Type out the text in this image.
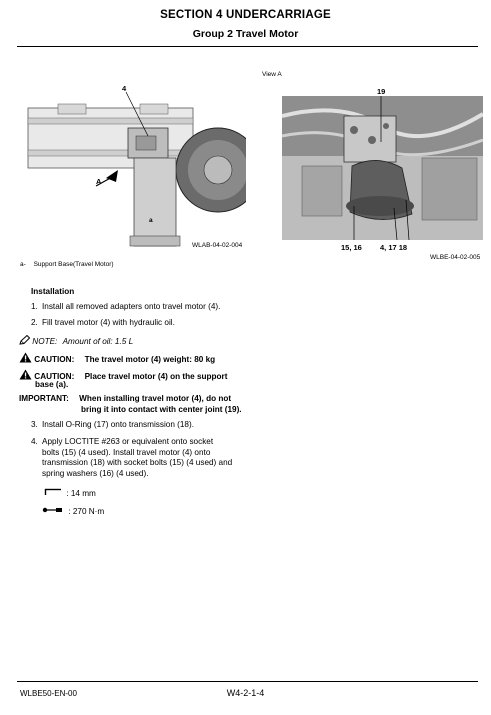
SECTION 4 UNDERCARRIAGE
Group 2 Travel Motor
4
A
a
WLAB-04-02-004
View A
19
15, 16 4, 17 18
WLBE-04-02-005
a- Support Base(Travel Motor)
Installation
1. Install all removed adapters onto travel motor (4).
2. Fill travel motor (4) with hydraulic oil.
NOTE: Amount of oil: 1.5 L
CAUTION: The travel motor (4) weight: 80 kg
CAUTION: Place travel motor (4) on the support
base (a).
IMPORTANT: When installing travel motor (4), do not
bring it into contact with center joint (19).
3. Install O-Ring (17) onto transmission (18).
4. Apply LOCTITE #263 or equivalent onto socket
bolts (15) (4 used). Install travel motor (4) onto
transmission (18) with socket bolts (15) (4 used) and
spring washers (16) (4 used).
: 14 mm
: 270 N·m
WLBE50-EN-00	W4-2-1-4
